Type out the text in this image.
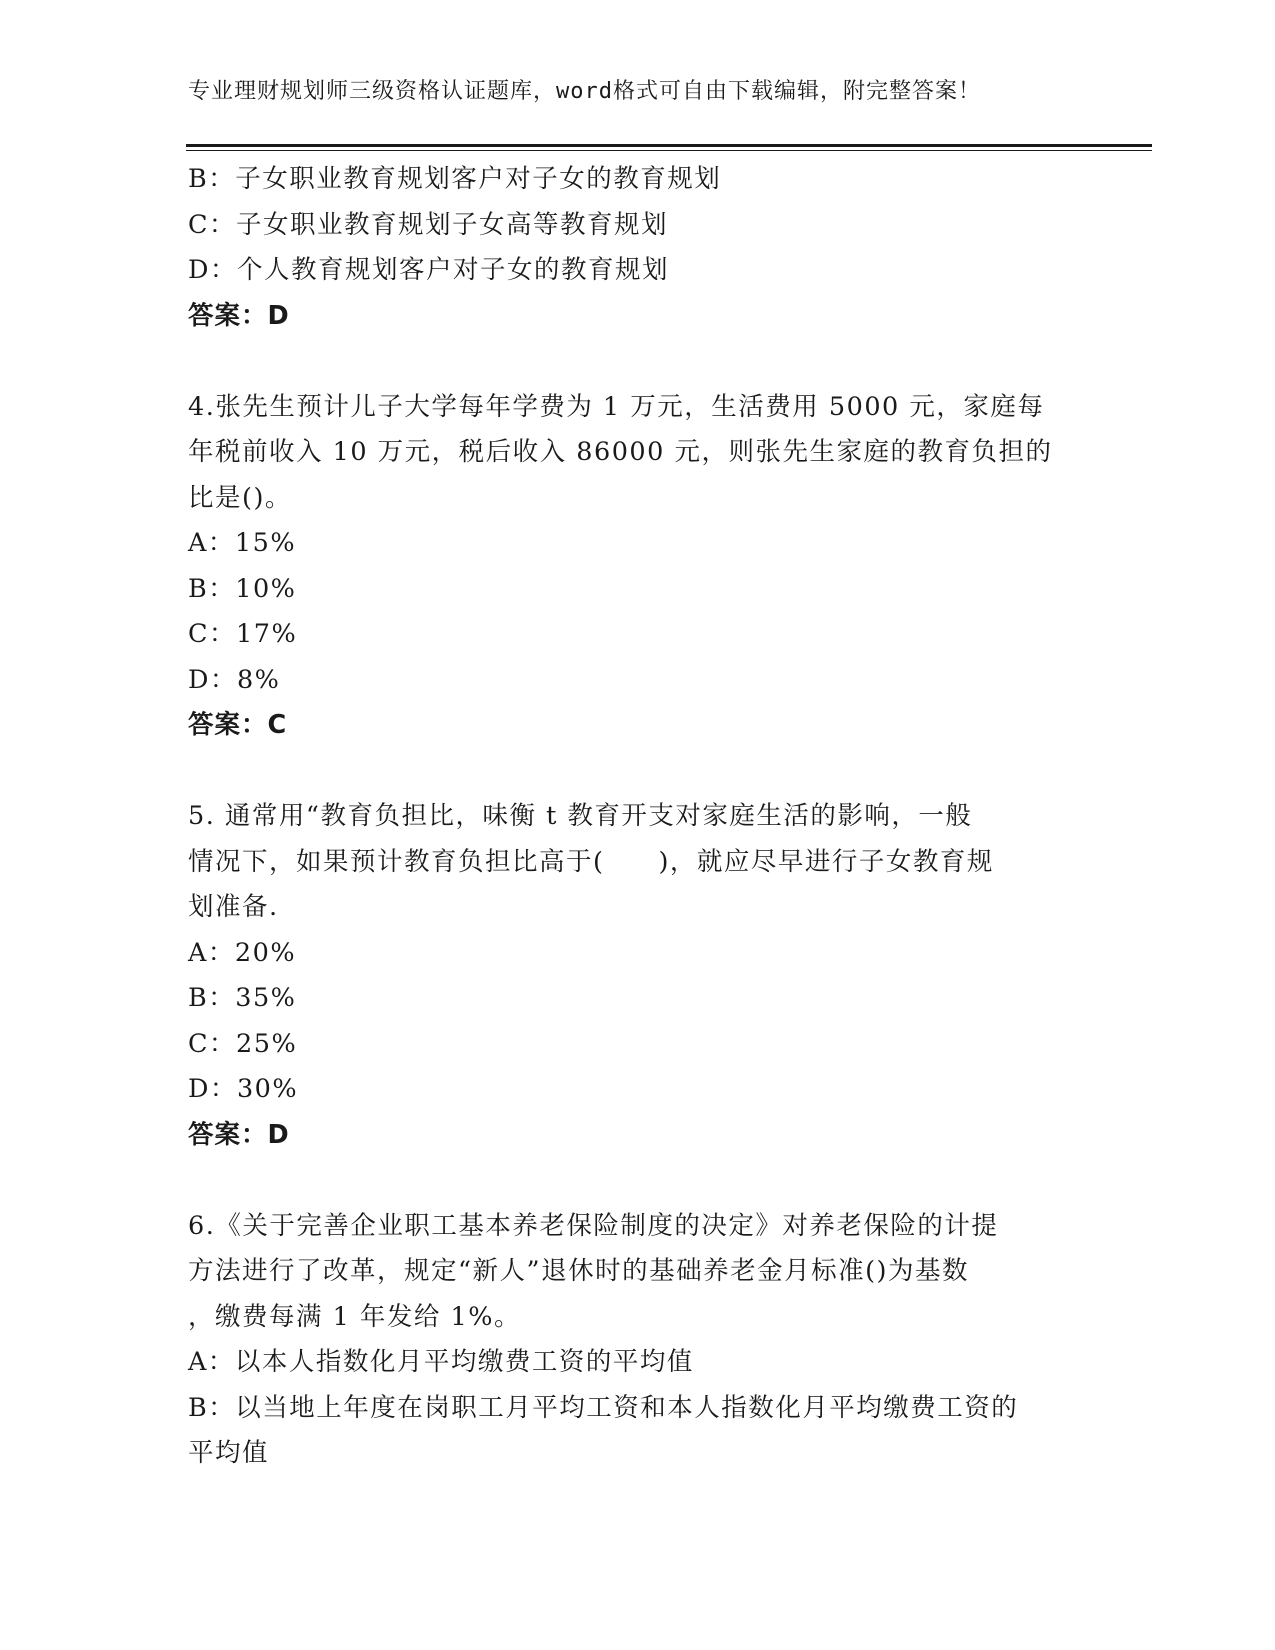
专业理财规划师三级资格认证题库，word格式可自由下载编辑，附完整答案！
B：子女职业教育规划客户对子女的教育规划
C：子女职业教育规划子女高等教育规划
D：个人教育规划客户对子女的教育规划
答案：D
4.张先生预计儿子大学每年学费为 1 万元，生活费用 5000 元，家庭每
年税前收入 10 万元，税后收入 86000 元，则张先生家庭的教育负担的
比是()。
A：15%
B：10%
C：17%
D：8%
答案：C
5. 通常用“教育负担比，味衡 t 教育开支对家庭生活的影响，一般
情况下，如果预计教育负担比高于(　　)，就应尽早进行子女教育规
划准备.
A：20%
B：35%
C：25%
D：30%
答案：D
6.《关于完善企业职工基本养老保险制度的决定》对养老保险的计提
方法进行了改革，规定“新人”退休时的基础养老金月标准()为基数
，缴费每满 1 年发给 1%。
A：以本人指数化月平均缴费工资的平均值
B：以当地上年度在岗职工月平均工资和本人指数化月平均缴费工资的
平均值
